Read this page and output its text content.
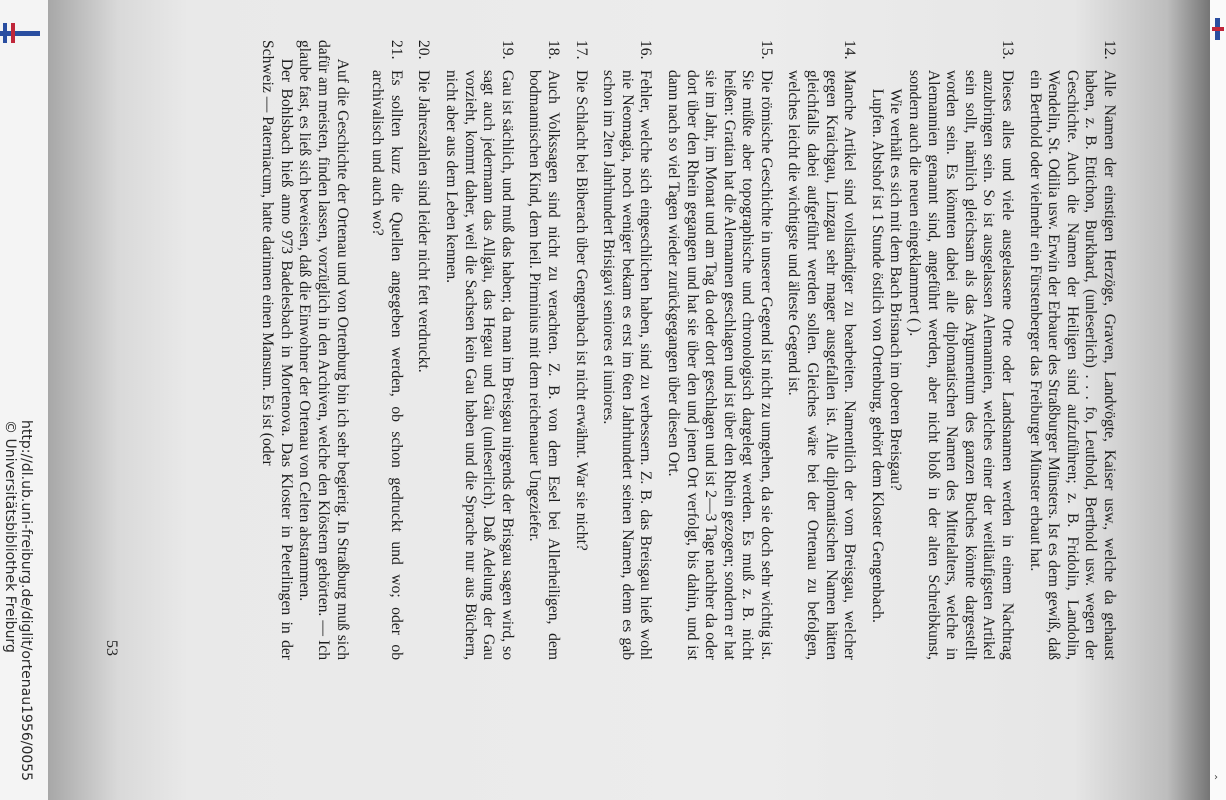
http://dl.ub.uni-freiburg.de/diglit/ortenau1956/0055
© Universitätsbibliothek Freiburg
›
53
12.

Alle Namen der einstigen Herzöge, Graven, Landvögte, Kaiser usw., welche da gehaust haben, z. B. Ettichon, Burkhard, (unleserlich) . . . fo, Leuthold, Berthold usw. wegen der Geschichte. Auch die Namen der Heiligen sind aufzuführen; z. B. Fridolin, Landolin, Wendelin, St. Odilia usw. Erwin der Erbauer des Straßburger Münsters. Ist es dem gewiß, daß ein Berthold oder vielmehr ein Fürstenberger das Freiburger Münster erbaut hat.

13.

Dieses alles und viele ausgelassene Orte oder Landsnamen werden in einem Nachtrag anzubringen sein. So ist ausgelassen Alemannien, welches einer der weitläufigsten Artikel sein sollt, nämlich gleichsam als das Argumentum des ganzen Buches könnte dargestellt worden sein. Es könnten dabei alle diplomatischen Namen des Mittelalters, welche in Alemannien genannt sind, angeführt werden, aber nicht bloß in der alten Schreibkunst, sondern auch die neuen eingeklammert ( ).

Wie verhält es sich mit dem Bach Brisnach im oberen Breisgau?

Lupfen. Abtshof ist 1 Stunde östlich von Ortenburg, gehört dem Kloster Gengenbach.

14.

Manche Artikel sind vollständiger zu bearbeiten. Namentlich der vom Breisgau, welcher gegen Kraichgau, Linzgau sehr mager ausgefallen ist. Alle diplomatischen Namen hätten gleichfalls dabei aufgeführt werden sollen. Gleiches wäre bei der Ortenau zu befolgen, welches leicht die wichtigste und älteste Gegend ist.

15.

Die römische Geschichte in unserer Gegend ist nicht zu umgehen, da sie doch sehr wichtig ist. Sie müßte aber topographische und chronologisch dargelegt werden. Es muß z. B. nicht heißen: Gratian hat die Alemannen geschlagen und ist über den Rhein gezogen; sondern er hat sie im Jahr, im Monat und am Tag da oder dort geschlagen und ist 2—3 Tage nachher da oder dort über den Rhein gegangen und hat sie über den und jenen Ort verfolgt, bis dahin, und ist dann nach so viel Tagen wieder zurückgegangen über diesen Ort.

16.

Fehler, welche sich eingeschlichen haben, sind zu verbessern. Z. B. das Breisgau hieß wohl nie Neomagia, noch weniger bekam es erst im 6ten Jahrhundert seinen Namen, denn es gab schon im 2ten Jahrhundert Brisigavi seniores et iuniores.

17.

Die Schlacht bei Biberach über Gengenbach ist nicht erwähnt. War sie nicht?

18.

Auch Volkssagen sind nicht zu verachten. Z. B. von dem Esel bei Allerheiligen, dem bodmannischen Kind, dem heil. Pirminius mit dem reichenauer Ungeziefer.

19.

Gau ist sächlich, und muß das haben; da man im Breisgau nirgends der Brisgau sagen wird, so sagt auch jedermann das Allgäu, das Hegau und Gäu (unleserlich). Daß Adelung der Gau vorzieht, kommt daher, weil die Sachsen kein Gau haben und die Sprache nur aus Büchern, nicht aber aus dem Leben kennen.

20.

Die Jahreszahlen sind leider nicht fett verdruckt.

21.

Es sollten kurz die Quellen angegeben werden, ob schon gedruckt und wo; oder ob archivalisch und auch wo?

Auf die Geschichte der Ortenau und von Ortenburg bin ich sehr begierig. In Straßburg muß sich dafür am meisten, finden lassen, vorzüglich in den Archiven, welche den Klöstern gehörten. — Ich glaube fast, es ließ sich beweisen, daß die Einwohner der Ortenau von Celten abstammen.

Der Bohlsbach hieß anno 973 Badelesbach in Mortenova. Das Kloster in Peterlingen in der Schweiz — Paterniacum, hatte darinnen einen Mansum. Es ist (oder
